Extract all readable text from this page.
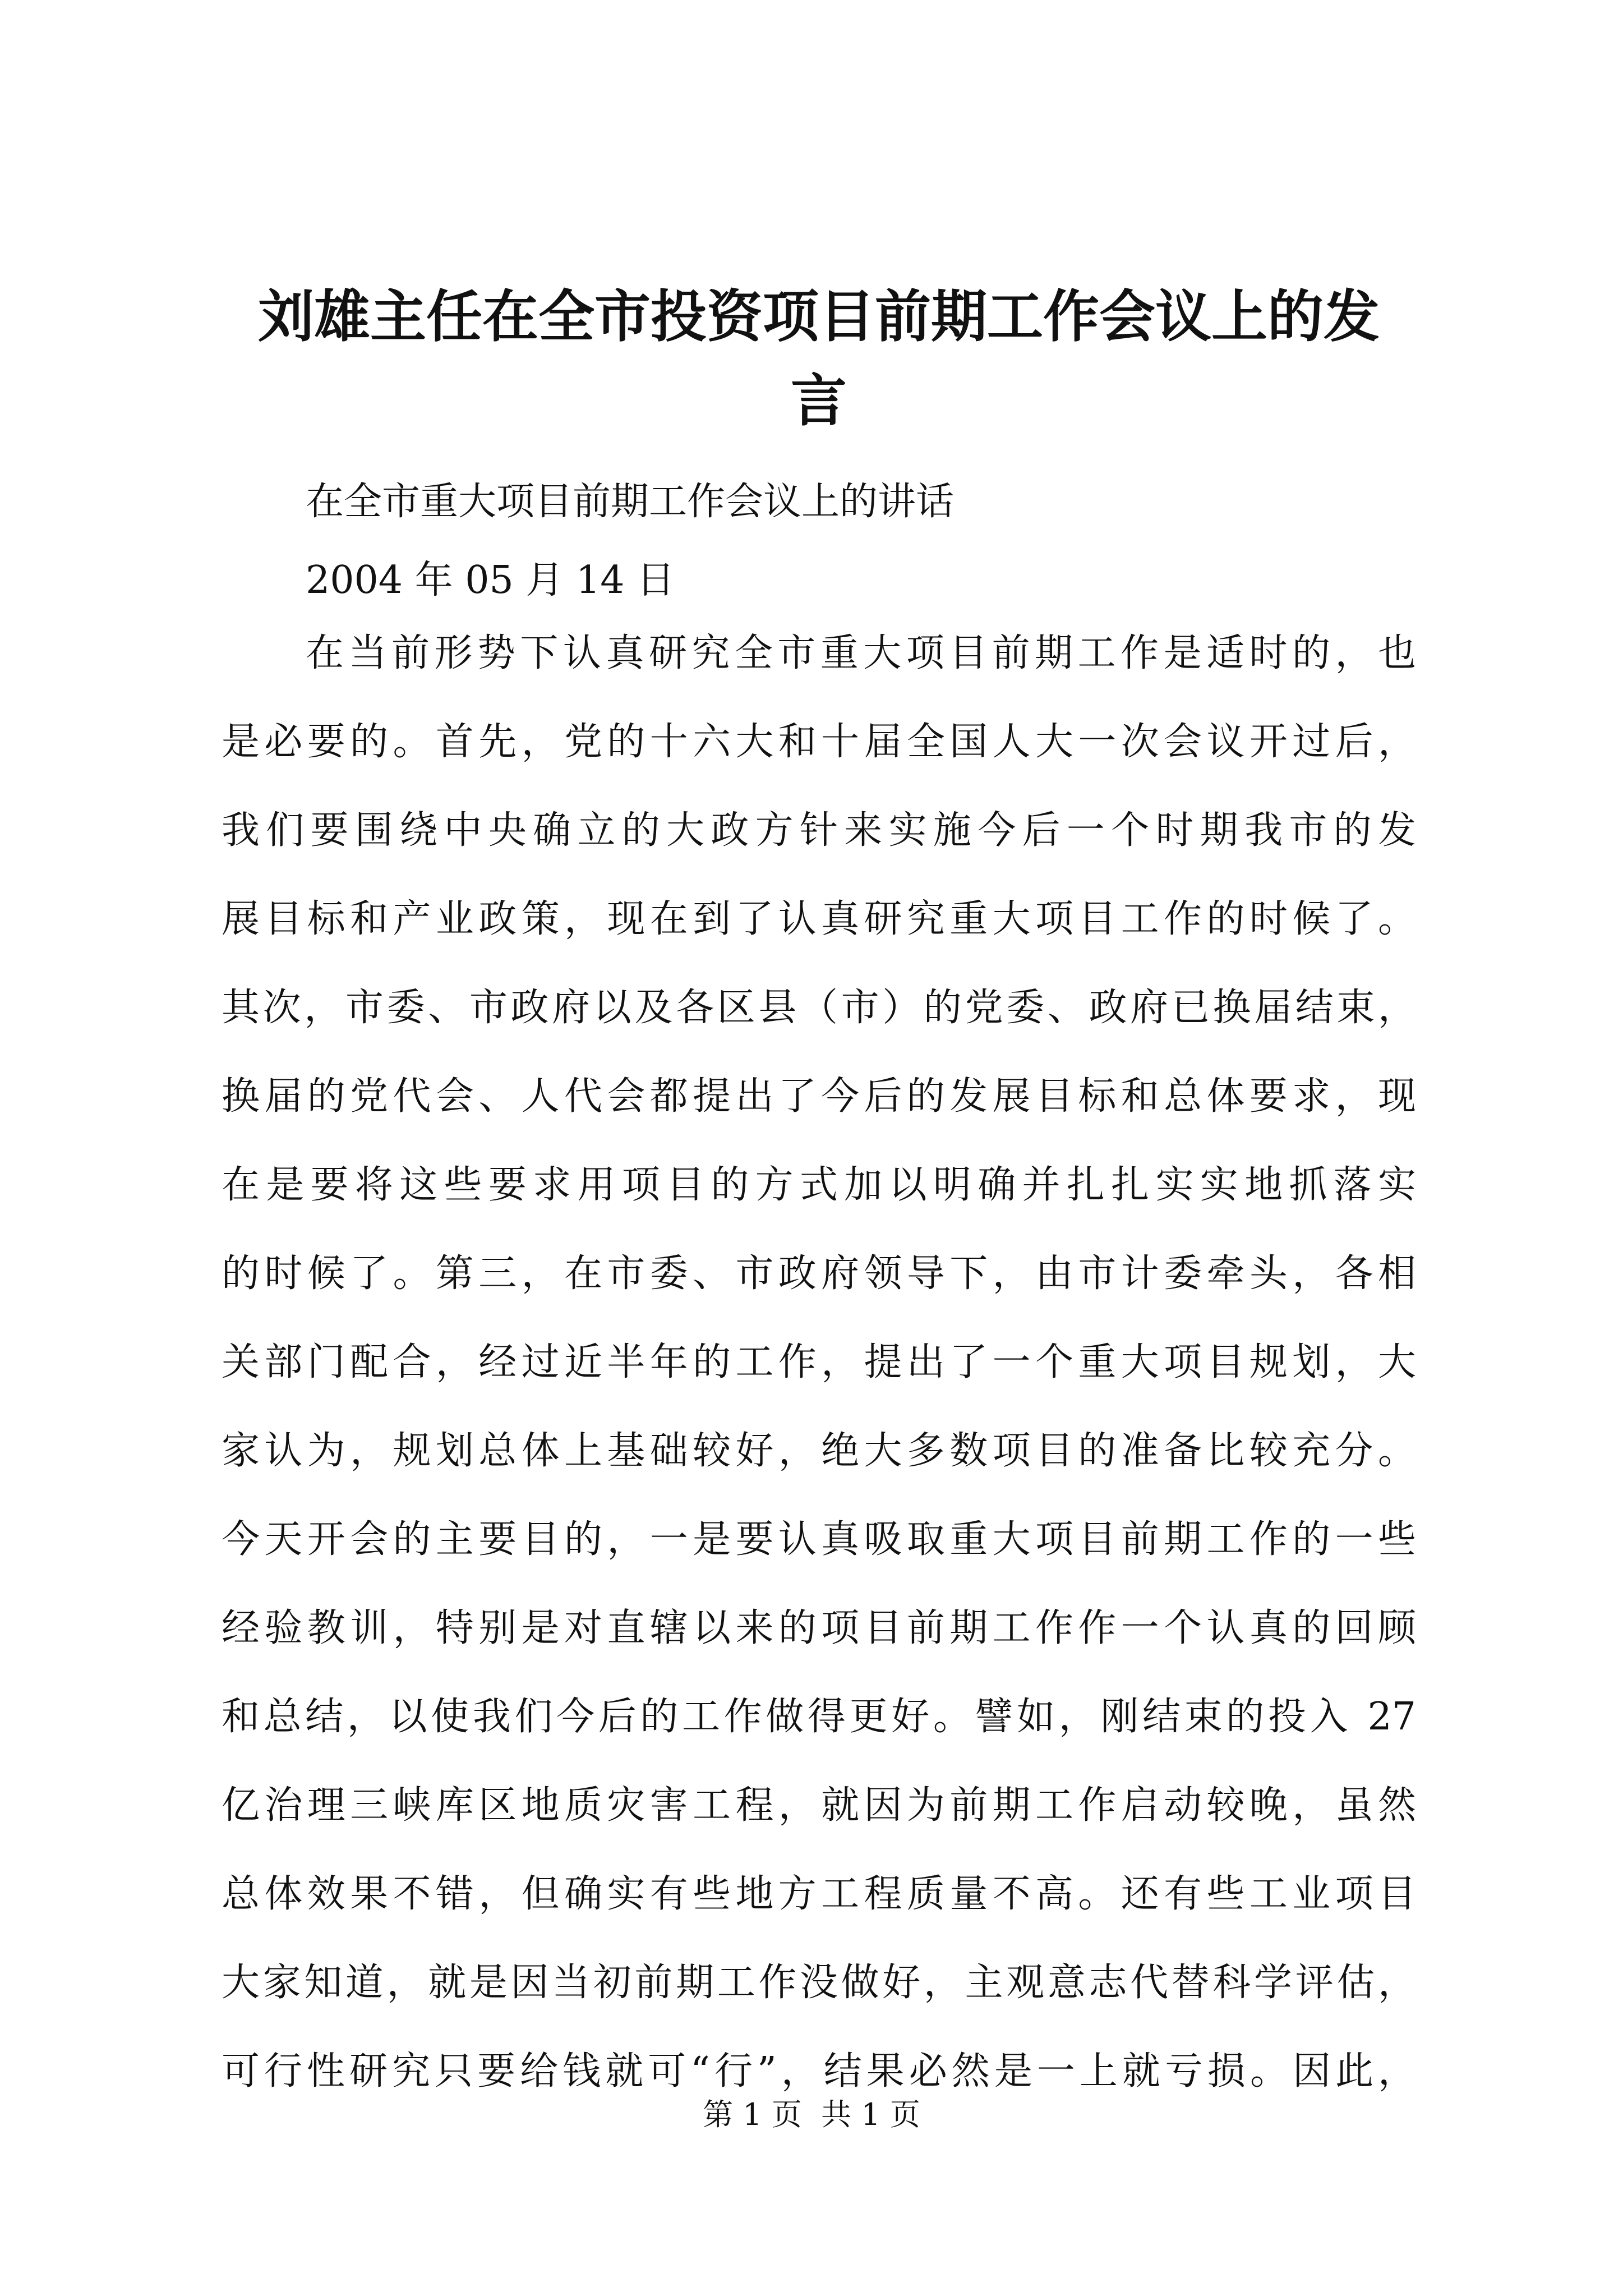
刘雄主任在全市投资项目前期工作会议上的发
言
在全市重大项目前期工作会议上的讲话
2004 年 05 月 14 日
在当前形势下认真研究全市重大项目前期工作是适时的，也
是必要的。首先，党的十六大和十届全国人大一次会议开过后，
我们要围绕中央确立的大政方针来实施今后一个时期我市的发
展目标和产业政策，现在到了认真研究重大项目工作的时候了。
其次，市委、市政府以及各区县（市）的党委、政府已换届结束，
换届的党代会、人代会都提出了今后的发展目标和总体要求，现
在是要将这些要求用项目的方式加以明确并扎扎实实地抓落实
的时候了。第三，在市委、市政府领导下，由市计委牵头，各相
关部门配合，经过近半年的工作，提出了一个重大项目规划，大
家认为，规划总体上基础较好，绝大多数项目的准备比较充分。
今天开会的主要目的，一是要认真吸取重大项目前期工作的一些
经验教训，特别是对直辖以来的项目前期工作作一个认真的回顾
和总结，以使我们今后的工作做得更好。譬如，刚结束的投入 27
亿治理三峡库区地质灾害工程，就因为前期工作启动较晚，虽然
总体效果不错，但确实有些地方工程质量不高。还有些工业项目
大家知道，就是因当初前期工作没做好，主观意志代替科学评估，
可行性研究只要给钱就可“行”，结果必然是一上就亏损。因此，
第 1 页  共 1 页
